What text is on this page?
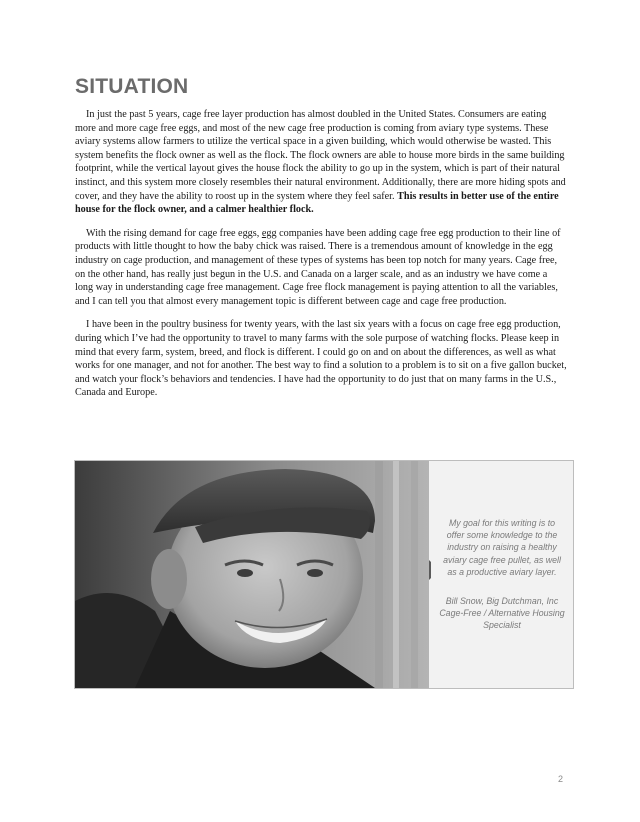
SITUATION

In just the past 5 years, cage free layer production has almost doubled in the United States. Consumers are eating more and more cage free eggs, and most of the new cage free production is coming from aviary type systems. These aviary systems allow farmers to utilize the vertical space in a given building, which would otherwise be wasted. This system benefits the flock owner as well as the flock. The flock owners are able to house more birds in the same building footprint, while the vertical layout gives the house flock the ability to go up in the system, which is part of their natural instinct, and this system more closely resembles their natural environment. Additionally, there are more hiding spots and cover, and they have the ability to roost up in the system where they feel safer. This results in better use of the entire house for the flock owner, and a calmer healthier flock.

With the rising demand for cage free eggs, egg companies have been adding cage free egg production to their line of products with little thought to how the baby chick was raised. There is a tremendous amount of knowledge in the egg industry on cage production, and management of these types of systems has been top notch for many years. Cage free, on the other hand, has really just begun in the U.S. and Canada on a larger scale, and as an industry we have come a long way in understanding cage free management. Cage free flock management is paying attention to all the variables, and I can tell you that almost every management topic is different between cage and cage free production.

I have been in the poultry business for twenty years, with the last six years with a focus on cage free egg production, during which I’ve had the opportunity to travel to many farms with the sole purpose of watching flocks. Please keep in mind that every farm, system, breed, and flock is different. I could go on and on about the differences, as well as what works for one manager, and not for another. The best way to find a solution to a problem is to sit on a five gallon bucket, and watch your flock’s behaviors and tendencies. I have had the opportunity to do just that on many farms in the U.S., Canada and Europe.

My goal for this writing is to offer some knowledge to the industry on raising a healthy aviary cage free pullet, as well as a productive aviary layer.

Bill Snow, Big Dutchman, Inc Cage-Free / Alternative Housing Specialist

2
